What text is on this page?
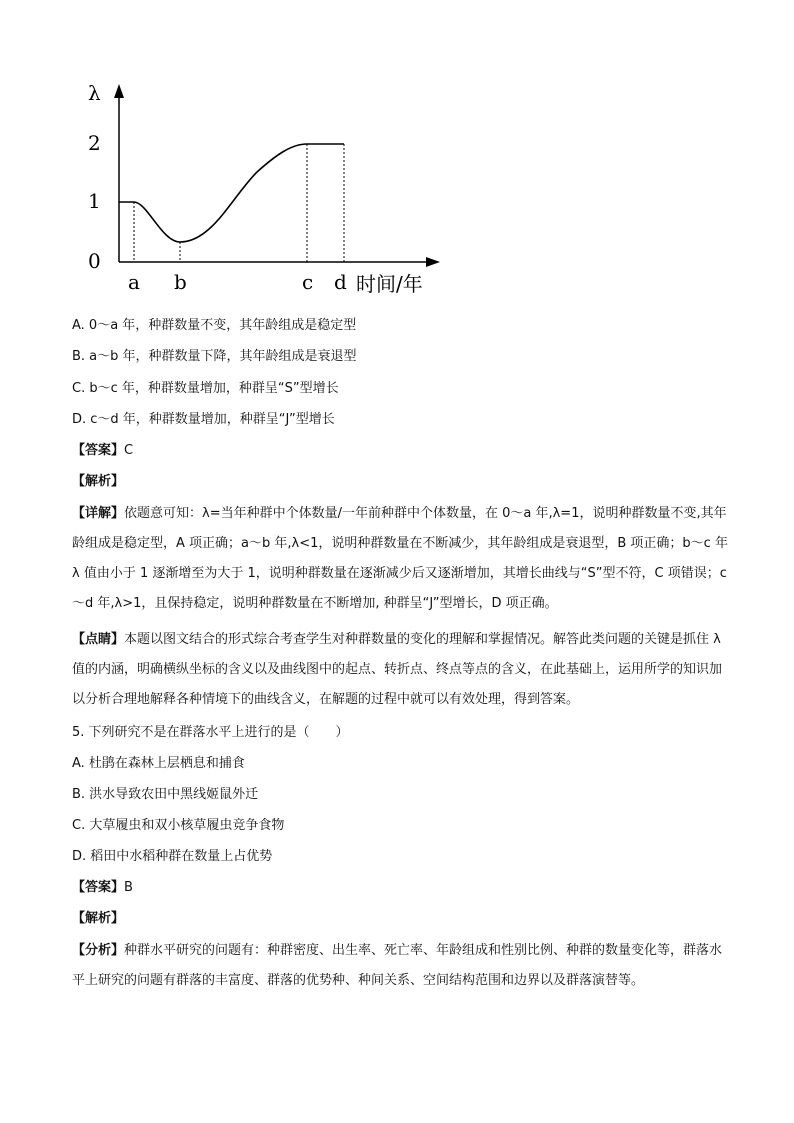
λ
2
1
0
a b	c d 时间/年
A. 0～a 年，种群数量不变，其年龄组成是稳定型
B. a～b 年，种群数量下降，其年龄组成是衰退型
C. b～c 年，种群数量增加，种群呈“S”型增长
D. c～d 年，种群数量增加，种群呈“J”型增长
【答案】C
【解析】
【详解】依题意可知：λ=当年种群中个体数量/一年前种群中个体数量，在 0～a 年,λ=1，说明种群数量不变,其年龄组成是稳定型，A 项正确；a～b 年,λ<1，说明种群数量在不断减少，其年龄组成是衰退型，B 项正确；b～c 年λ 值由小于 1 逐渐增至为大于 1，说明种群数量在逐渐减少后又逐渐增加，其增长曲线与“S”型不符，C 项错误；c～d 年,λ>1，且保持稳定，说明种群数量在不断增加, 种群呈“J”型增长，D 项正确。
【点睛】本题以图文结合的形式综合考查学生对种群数量的变化的理解和掌握情况。解答此类问题的关键是抓住 λ 值的内涵，明确横纵坐标的含义以及曲线图中的起点、转折点、终点等点的含义，在此基础上，运用所学的知识加以分析合理地解释各种情境下的曲线含义，在解题的过程中就可以有效处理，得到答案。
5. 下列研究不是在群落水平上进行的是（　　）
A. 杜鹃在森林上层栖息和捕食
B. 洪水导致农田中黑线姬鼠外迁
C. 大草履虫和双小核草履虫竞争食物
D. 稻田中水稻种群在数量上占优势
【答案】B
【解析】
【分析】种群水平研究的问题有：种群密度、出生率、死亡率、年龄组成和性别比例、种群的数量变化等，群落水平上研究的问题有群落的丰富度、群落的优势种、种间关系、空间结构范围和边界以及群落演替等。
